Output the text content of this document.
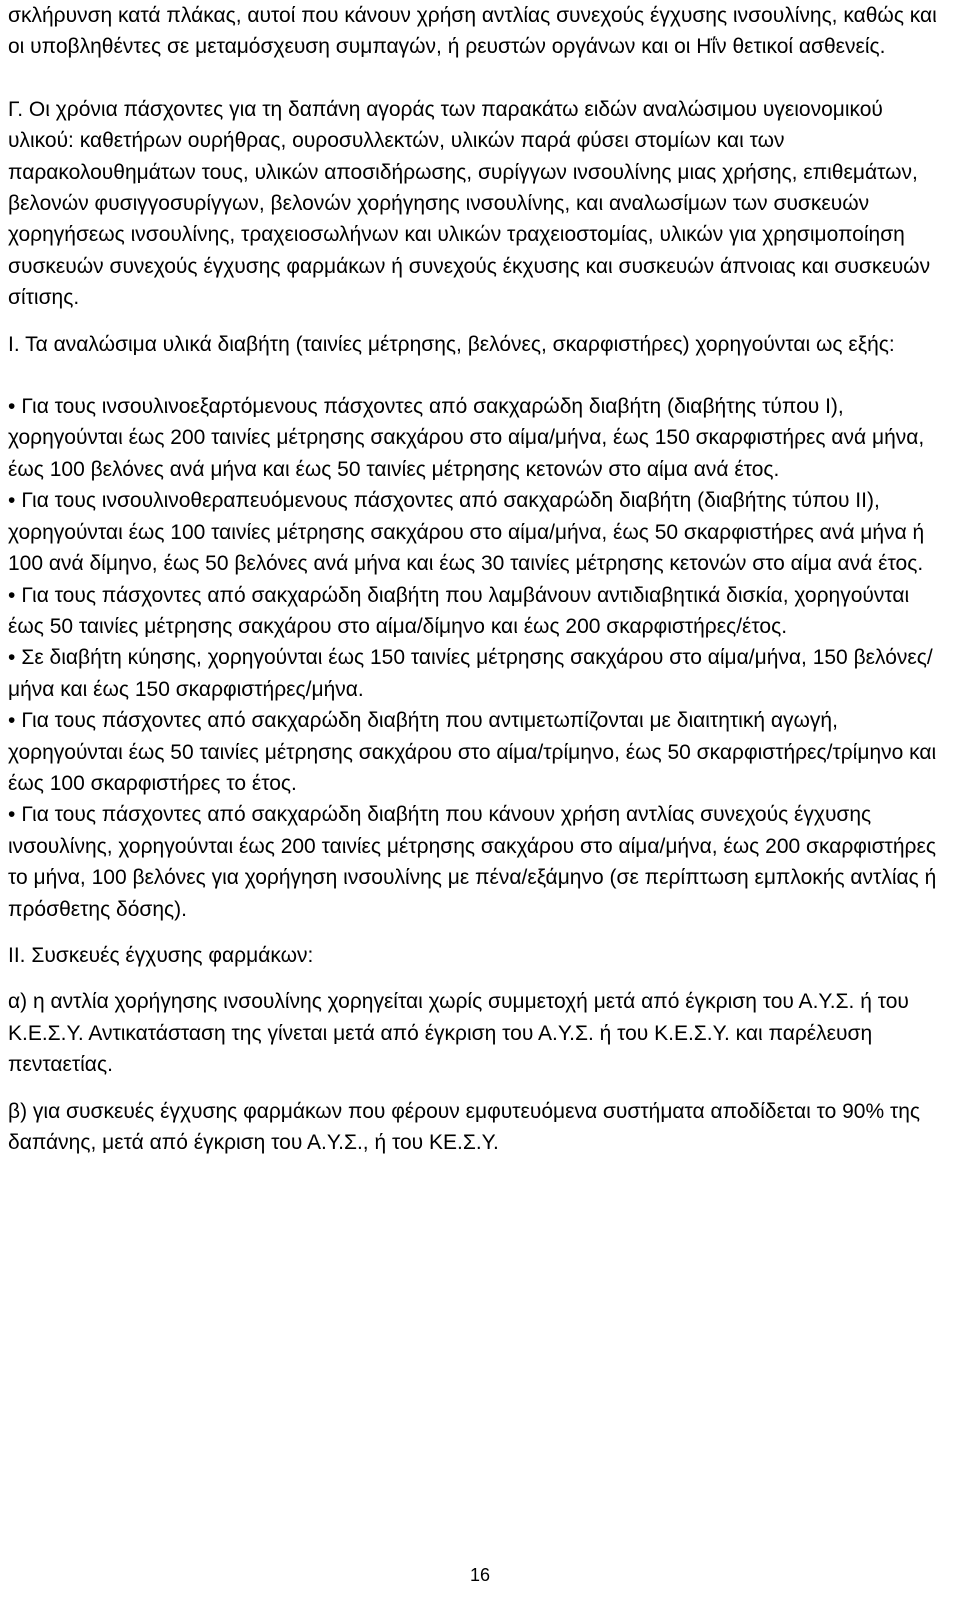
σκλήρυνση κατά πλάκας, αυτοί που κάνουν χρήση αντλίας συνεχούς έγχυσης ινσουλίνης, καθώς και οι υποβληθέντες σε μεταμόσχευση συμπαγών, ή ρευστών οργάνων και οι Ηΐν θετικοί ασθενείς.

Γ. Οι χρόνια πάσχοντες για τη δαπάνη αγοράς των παρακάτω ειδών αναλώσιμου υγειονομικού υλικού: καθετήρων ουρήθρας, ουροσυλλεκτών, υλικών παρά φύσει στομίων και των παρακολουθημάτων τους, υλικών αποσιδήρωσης, συρίγγων ινσουλίνης μιας χρήσης, επιθεμάτων, βελονών φυσιγγοσυρίγγων, βελονών χορήγησης ινσουλίνης, και αναλωσίμων των συσκευών χορηγήσεως ινσουλίνης, τραχειοσωλήνων και υλικών τραχειοστομίας, υλικών για χρησιμοποίηση συσκευών συνεχούς έγχυσης φαρμάκων ή συνεχούς έκχυσης και συσκευών άπνοιας και συσκευών σίτισης.

Ι. Τα αναλώσιμα υλικά διαβήτη (ταινίες μέτρησης, βελόνες, σκαρφιστήρες) χορηγούνται ως εξής:

• Για τους ινσουλινοεξαρτόμενους πάσχοντες από σακχαρώδη διαβήτη (διαβήτης τύπου Ι), χορηγούνται έως 200 ταινίες μέτρησης σακχάρου στο αίμα/μήνα, έως 150 σκαρφιστήρες ανά μήνα, έως 100 βελόνες ανά μήνα και έως 50 ταινίες μέτρησης κετονών στο αίμα ανά έτος.

• Για τους ινσουλινοθεραπευόμενους πάσχοντες από σακχαρώδη διαβήτη (διαβήτης τύπου ΙΙ), χορηγούνται έως 100 ταινίες μέτρησης σακχάρου στο αίμα/μήνα, έως 50 σκαρφιστήρες ανά μήνα ή 100 ανά δίμηνο, έως 50 βελόνες ανά μήνα και έως 30 ταινίες μέτρησης κετονών στο αίμα ανά έτος.

• Για τους πάσχοντες από σακχαρώδη διαβήτη που λαμβάνουν αντιδιαβητικά δισκία, χορηγούνται έως 50 ταινίες μέτρησης σακχάρου στο αίμα/δίμηνο και έως 200 σκαρφιστήρες/έτος.

• Σε διαβήτη κύησης, χορηγούνται έως 150 ταινίες μέτρησης σακχάρου στο αίμα/μήνα, 150 βελόνες/ μήνα και έως 150 σκαρφιστήρες/μήνα.

• Για τους πάσχοντες από σακχαρώδη διαβήτη που αντιμετωπίζονται με διαιτητική αγωγή, χορηγούνται έως 50 ταινίες μέτρησης σακχάρου στο αίμα/τρίμηνο, έως 50 σκαρφιστήρες/τρίμηνο και έως 100 σκαρφιστήρες το έτος.

• Για τους πάσχοντες από σακχαρώδη διαβήτη που κάνουν χρήση αντλίας συνεχούς έγχυσης ινσουλίνης, χορηγούνται έως 200 ταινίες μέτρησης σακχάρου στο αίμα/μήνα, έως 200 σκαρφιστήρες το μήνα, 100 βελόνες για χορήγηση ινσουλίνης με πένα/εξάμηνο (σε περίπτωση εμπλοκής αντλίας ή πρόσθετης δόσης).

ΙΙ. Συσκευές έγχυσης φαρμάκων:

α) η αντλία χορήγησης ινσουλίνης χορηγείται χωρίς συμμετοχή μετά από έγκριση του Α.Υ.Σ. ή του Κ.Ε.Σ.Υ. Αντικατάσταση της γίνεται μετά από έγκριση του Α.Υ.Σ. ή του Κ.Ε.Σ.Υ. και παρέλευση πενταετίας.

β) για συσκευές έγχυσης φαρμάκων που φέρουν εμφυτευόμενα συστήματα αποδίδεται το 90% της δαπάνης, μετά από έγκριση του Α.Υ.Σ., ή του ΚΕ.Σ.Υ.

16
